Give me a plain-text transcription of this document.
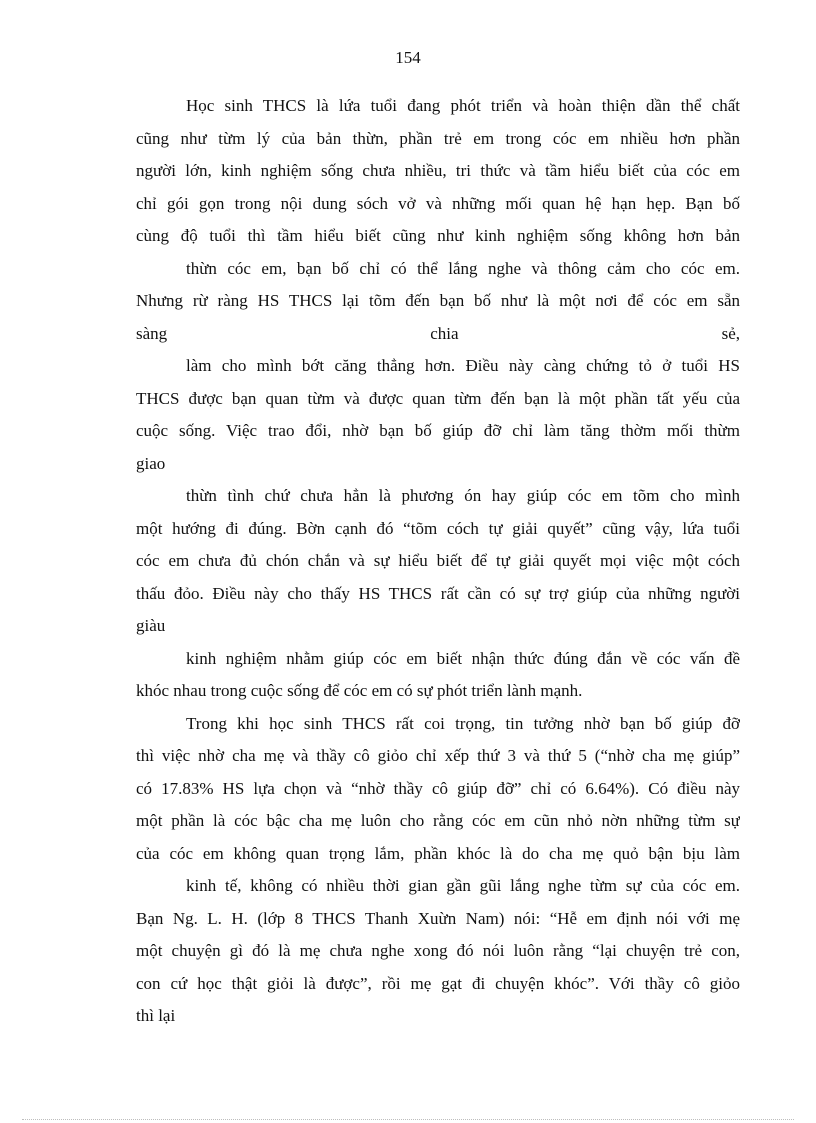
154
Học sinh THCS là lứa tuổi đang phót triển và hoàn thiện dần thể chất
cũng như từm lý của bản thừn, phần trẻ em trong cóc em nhiều hơn phần
người lớn, kinh nghiệm sống chưa nhiều, tri thức và tầm hiểu biết của cóc em
chỉ gói gọn trong nội dung sóch vở và những mối quan hệ hạn hẹp. Bạn bố
cùng độ tuổi thì tầm hiểu biết cũng như kinh nghiệm sống không hơn bản
thừn cóc em, bạn bố chỉ có thể lắng nghe và thông cảm cho cóc em.
Nhưng rừ ràng HS THCS lại tõm đến bạn bố như là một nơi để cóc em sẵn
sàng chia sẻ,
làm cho mình bớt căng thẳng hơn. Điều này càng chứng tỏ ở tuổi HS
THCS được bạn quan từm và được quan từm đến bạn là một phần tất yếu của
cuộc sống. Việc trao đổi, nhờ bạn bố giúp đỡ chỉ làm tăng thờm mối thừm
giao
thừn tình chứ chưa hẳn là phương ón hay giúp cóc em tõm cho mình
một hướng đi đúng. Bờn cạnh đó “tõm cóch tự giải quyết” cũng vậy, lứa tuổi
cóc em chưa đủ chón chắn và sự hiểu biết để tự giải quyết mọi việc một cóch
thấu đỏo. Điều này cho thấy HS THCS rất cần có sự trợ giúp của những người
giàu
kinh nghiệm nhằm giúp cóc em biết nhận thức đúng đắn về cóc vấn đề
khóc nhau trong cuộc sống để cóc em có sự phót triển lành mạnh.
Trong khi học sinh THCS rất coi trọng, tin tưởng nhờ bạn bố giúp đỡ
thì việc nhờ cha mẹ và thầy cô giỏo chỉ xếp thứ 3 và thứ 5 (“nhờ cha mẹ giúp”
có 17.83% HS lựa chọn và “nhờ thầy cô giúp đỡ” chỉ có 6.64%). Có điều này
một phần là cóc bậc cha mẹ luôn cho rằng cóc em cũn nhỏ nờn những từm sự
của cóc em không quan trọng lắm, phần khóc là do cha mẹ quỏ bận bịu làm
kinh tế, không có nhiều thời gian gần gũi lắng nghe từm sự của cóc em.
Bạn Ng. L. H. (lớp 8 THCS Thanh Xuừn Nam) nói: “Hễ em định nói với mẹ
một chuyện gì đó là mẹ chưa nghe xong đó nói luôn rằng “lại chuyện trẻ con,
con cứ học thật giỏi là được”, rồi mẹ gạt đi chuyện khóc”. Với thầy cô giỏo
thì lại
